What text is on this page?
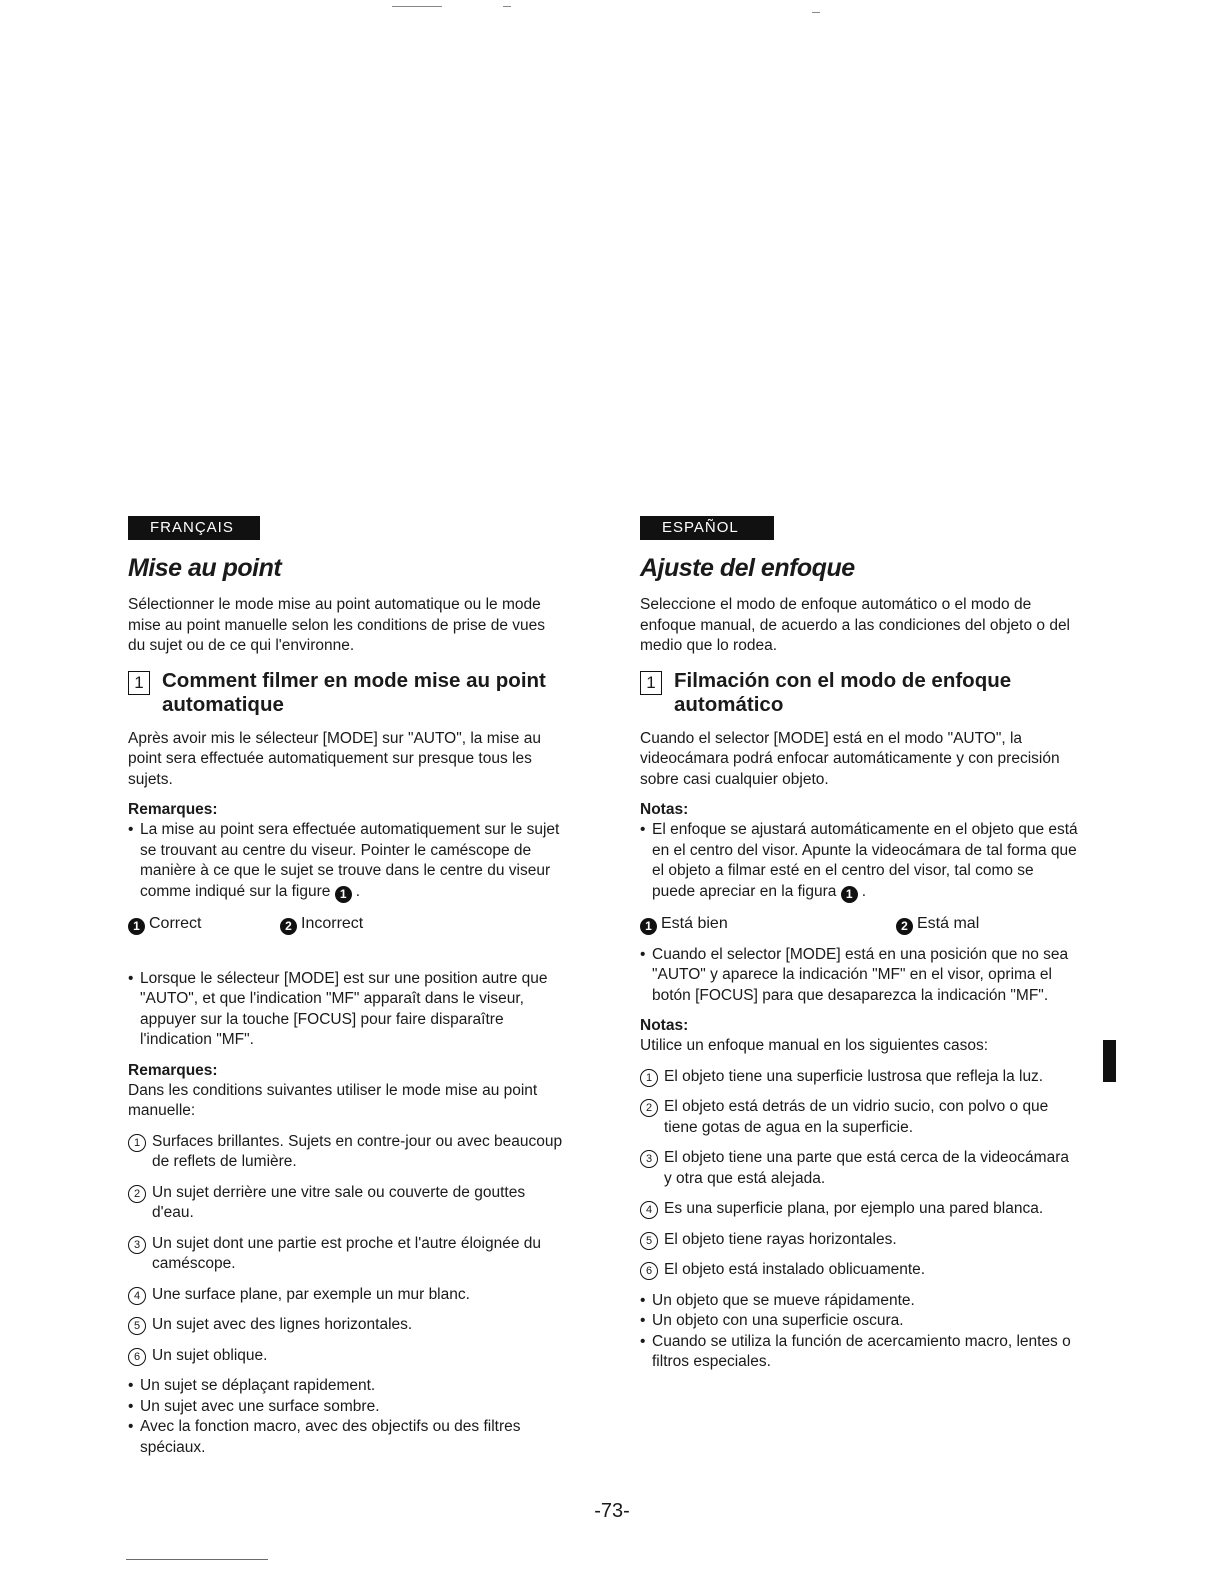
FRANÇAIS
Mise au point

Sélectionner le mode mise au point automatique ou le mode mise au point manuelle selon les conditions de prise de vues du sujet ou de ce qui l'environne.

1 Comment filmer en mode mise au point automatique

Après avoir mis le sélecteur [MODE] sur "AUTO", la mise au point sera effectuée automatiquement sur presque tous les sujets.

Remarques:
• La mise au point sera effectuée automatiquement sur le sujet se trouvant au centre du viseur. Pointer le caméscope de manière à ce que le sujet se trouve dans le centre du viseur comme indiqué sur la figure 1 .
1 Correct	2 Incorrect
• Lorsque le sélecteur [MODE] est sur une position autre que "AUTO", et que l'indication "MF" apparaît dans le viseur, appuyer sur la touche [FOCUS] pour faire disparaître l'indication "MF".
Remarques:

Dans les conditions suivantes utiliser le mode mise au point manuelle:

1 Surfaces brillantes. Sujets en contre-jour ou avec beaucoup de reflets de lumière.
2 Un sujet derrière une vitre sale ou couverte de gouttes d'eau.
3 Un sujet dont une partie est proche et l'autre éloignée du caméscope.
4 Une surface plane, par exemple un mur blanc.
5 Un sujet avec des lignes horizontales.
6 Un sujet oblique.
• Un sujet se déplaçant rapidement.
• Un sujet avec une surface sombre.
• Avec la fonction macro, avec des objectifs ou des filtres spéciaux.
ESPAÑOL
Ajuste del enfoque

Seleccione el modo de enfoque automático o el modo de enfoque manual, de acuerdo a las condiciones del objeto o del medio que lo rodea.

1 Filmación con el modo de enfoque automático

Cuando el selector [MODE] está en el modo "AUTO", la videocámara podrá enfocar automáticamente y con precisión sobre casi cualquier objeto.

Notas:
• El enfoque se ajustará automáticamente en el objeto que está en el centro del visor. Apunte la videocámara de tal forma que el objeto a filmar esté en el centro del visor, tal como se puede apreciar en la figura 1 .
1 Está bien	2 Está mal
• Cuando el selector [MODE] está en una posición que no sea "AUTO" y aparece la indicación "MF" en el visor, oprima el botón [FOCUS] para que desaparezca la indicación "MF".
Notas:

Utilice un enfoque manual en los siguientes casos:

1 El objeto tiene una superficie lustrosa que refleja la luz.
2 El objeto está detrás de un vidrio sucio, con polvo o que tiene gotas de agua en la superficie.
3 El objeto tiene una parte que está cerca de la videocámara y otra que está alejada.
4 Es una superficie plana, por ejemplo una pared blanca.
5 El objeto tiene rayas horizontales.
6 El objeto está instalado oblicuamente.
• Un objeto que se mueve rápidamente.
• Un objeto con una superficie oscura.
• Cuando se utiliza la función de acercamiento macro, lentes o filtros especiales.
-73-
